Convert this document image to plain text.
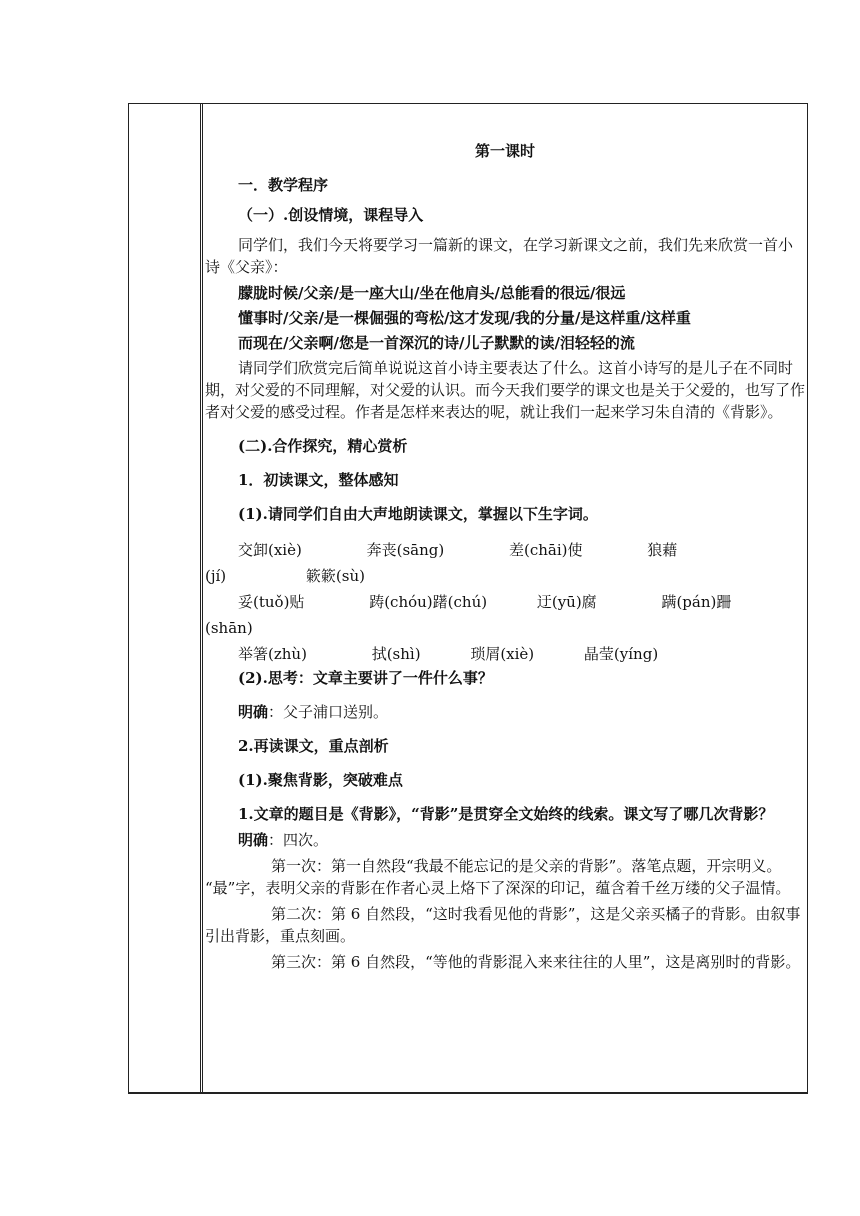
第一课时

一．教学程序

（一）.创设情境，课程导入

同学们，我们今天将要学习一篇新的课文，在学习新课文之前，我们先来欣赏一首小诗《父亲》：

朦胧时候/父亲/是一座大山/坐在他肩头/总能看的很远/很远

懂事时/父亲/是一棵倔强的弯松/这才发现/我的分量/是这样重/这样重

而现在/父亲啊/您是一首深沉的诗/儿子默默的读/泪轻轻的流

请同学们欣赏完后简单说说这首小诗主要表达了什么。这首小诗写的是儿子在不同时期，对父爱的不同理解，对父爱的认识。而今天我们要学的课文也是关于父爱的，也写了作者对父爱的感受过程。作者是怎样来表达的呢，就让我们一起来学习朱自清的《背影》。

(二).合作探究，精心赏析

1．初读课文，整体感知

(1).请同学们自由大声地朗读课文，掌握以下生字词。

交卸(xiè)　　　　 奔丧(sāng)　　　　 差(chāi)使　　　　 狼藉

(jí)　　　　　 簌簌(sù)

妥(tuǒ)贴　　　　 踌(chóu)躇(chú)　　　 迂(yū)腐　　　　 蹒(pán)跚

(shān)

举箸(zhù)　　　　 拭(shì)　　　 琐屑(xiè)　　　 晶莹(yíng)

(2).思考：文章主要讲了一件什么事？

明确：父子浦口送别。

2.再读课文，重点剖析

(1).聚焦背影，突破难点

1.文章的题目是《背影》，“背影”是贯穿全文始终的线索。课文写了哪几次背影？

明确：四次。

第一次：第一自然段“我最不能忘记的是父亲的背影”。落笔点题，开宗明义。 “最”字，表明父亲的背影在作者心灵上烙下了深深的印记，蕴含着千丝万缕的父子温情。

第二次：第 6 自然段，“这时我看见他的背影”，这是父亲买橘子的背影。由叙事引出背影，重点刻画。

第三次：第 6 自然段，“等他的背影混入来来往往的人里”，这是离别时的背影。
